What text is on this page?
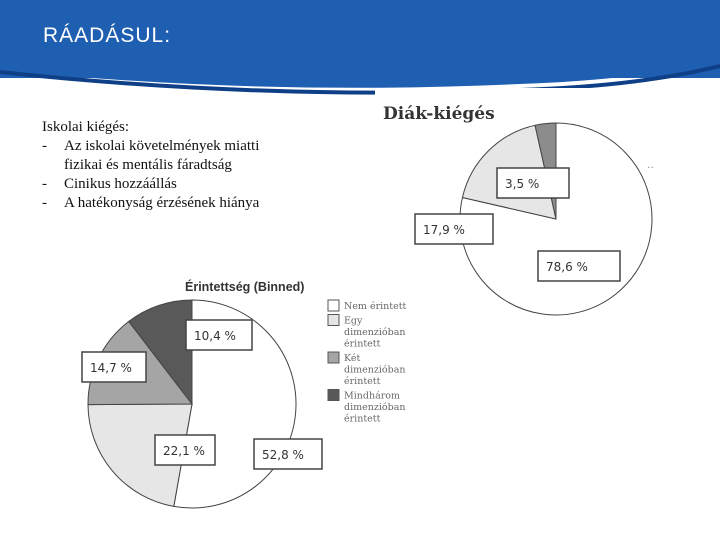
RÁADÁSUL:

Iskolai kiégés:

-	Az iskolai követelmények miatti fizikai és mentális fáradtság

-	Cinikus hozzáállás

-	A hatékonyság érzésének hiánya

Diák-kiégés
..
78,6 %
17,9 %
3,5 %
Érintettség (Binned)
52,8 %
22,1 %
14,7 %
10,4 %
Nem érintett
Egy dimenzióban érintett
Két dimenzióban érintett
Mindhárom dimenzióban érintett
